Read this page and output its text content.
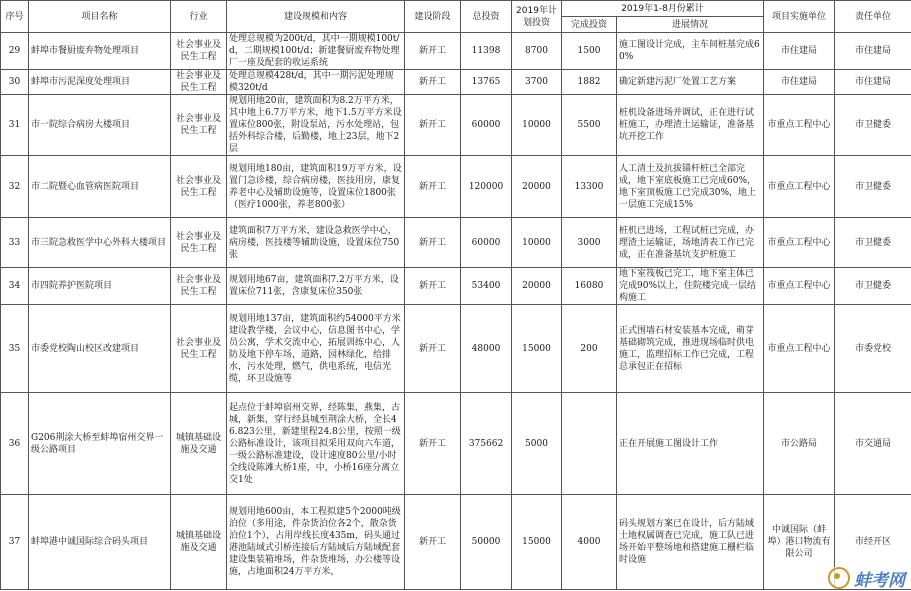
序号	项目名称	行业	建设规模和内容	建设阶段	总投资	2019年计划投资	2019年1-8月份累计		项目实施单位	责任单位
							完成投资	进展情况		
29	蚌埠市餐厨废弃物处理项目	社会事业及民生工程	处理总规模为200t/d，其中一期规模100t/d，二期规模100t/d；新建餐厨废弃物处理厂一座及配套的收运系统	新开工	11398	8700	1500	施工图设计完成，主车间桩基完成60%	市住建局	市住建局
30	蚌埠市污泥深度处理项目	社会事业及民生工程	处理总规模428t/d，其中一期污泥处理规模320t/d	新开工	13765	3700	1882	确定新建污泥厂处置工艺方案	市住建局	市住建局
31	市一院综合病房大楼项目	社会事业及民生工程	规划用地20亩，建筑面积为8.2万平方米，其中地上6.7万平方米，地下1.5万平方米设置床位800张，附设泵站，污水处理站，包括外科综合楼，后勤楼，地上23层，地下2层	新开工	60000	10000	5500	桩机设备进场并调试，正在进行试桩施工，办理渣土运输证，准备基坑开挖工作	市重点工程中心	市卫健委
32	市二院暨心血管病医院项目	社会事业及民生工程	规划用地180亩，建筑面积19万平方米，设置门急诊楼，综合病房楼，医技用房，康复养老中心及辅助设施等，设置床位1800张（医疗1000张，养老800张）	新开工	120000	20000	13300	人工清土及抗拔锚杆桩已全部完成，地下室底板施工已完成60%，地下室顶板施工已完成30%，地上一层施工完成15%	市重点工程中心	市卫健委
33	市三院急救医学中心外科大楼项目	社会事业及民生工程	建筑面积7万平方米，建设急救医学中心，病房楼，医技楼等辅助设施，设置床位750张	新开工	60000	10000	3000	桩机已进场，工程试桩已完成，办理渣土运输证，场地清表工作已完成，正在准备基坑支护桩施工	市重点工程中心	市卫健委
34	市四院养护医院项目	社会事业及民生工程	规划用地67亩，建筑面积7.2万平方米，设置床位711张，含康复床位350张	新开工	53400	20000	16080	地下室筏板已完工，地下室主体已完成90%以上，住院楼完成一层结构施工	市重点工程中心	市卫健委
35	市委党校陶山校区改建项目	社会事业及民生工程	规划用地137亩，建筑面积约54000平方米建设教学楼，会议中心，信息图书中心，学员公寓，学术交流中心，拓展训练中心，人防及地下停车场，道路，园林绿化，给排水，污水处理，燃气，供电系统，电信光缆，环卫设施等	新开工	48000	15000	200	正式围墙石材安装基本完成，萌芽基础砌筑完成，推进现场临时供电施工，监理招标工作已完成，工程总承包正在招标	市重点工程中心	市委党校
36	G206荆涂大桥至蚌埠宿州交界一级公路项目	城镇基础设施及交通	起点位于蚌埠宿州交界，经陈集，燕集，古城，新集，穿行经县城至荆涂大桥，全长46.823公里，新建里程24.8公里，按照一级公路标准设计，该项目拟采用双向六车道，一级公路标准建设，设计速度80公里/小时全线设陈滩大桥1座，中，小桥16座分离立交1处	新开工	375662	5000		正在开展施工图设计工作	市公路局	市交通局
37	蚌埠港中诚国际综合码头项目	城镇基础设施及交通	规划用地600亩，本工程拟建5个2000吨级泊位（多用途，件杂货泊位各2个，散杂货泊位1个），占用岸线长度435m，码头通过港池陆域式引桥连接后方陆域后方陆域配套建设集装箱堆场，件杂货堆场，办公楼等设施，占地面积24万平方米，	新开工	50000	15000	4000	码头规划方案已在设计，后方陆域土地权属调查已完成，施工队已进场开始平整场地和搭建施工栅栏临时设施	中诚国际（蚌埠）港口物流有限公司	市经开区
蚌考网
